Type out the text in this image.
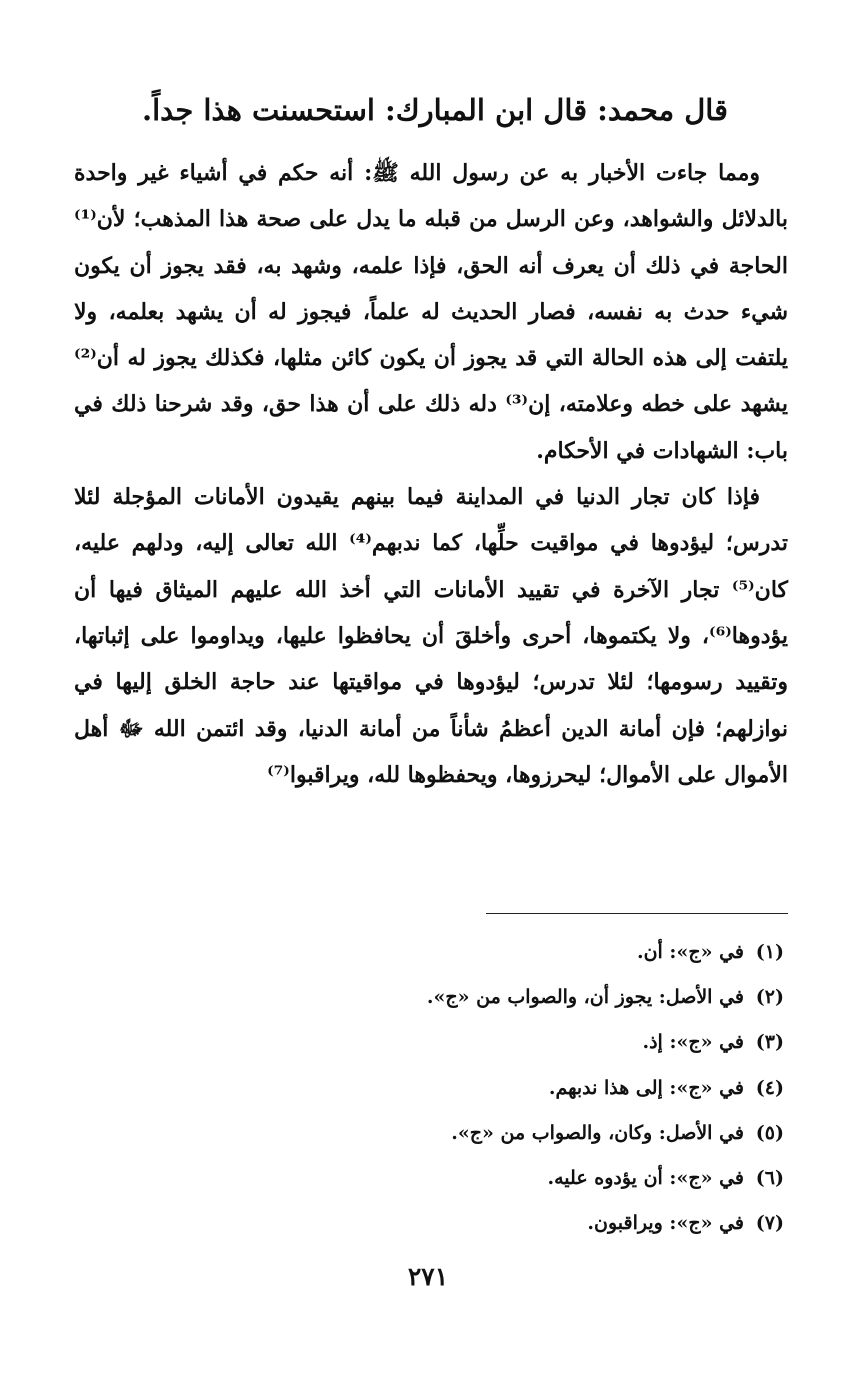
قال محمد: قال ابن المبارك: استحسنت هذا جداً.

ومما جاءت الأخبار به عن رسول الله ﷺ: أنه حكم في أشياء غير واحدة بالدلائل والشواهد، وعن الرسل من قبله ما يدل على صحة هذا المذهب؛ لأن⁽¹⁾ الحاجة في ذلك أن يعرف أنه الحق، فإذا علمه، وشهد به، فقد يجوز أن يكون شيء حدث به نفسه، فصار الحديث له علماً، فيجوز له أن يشهد بعلمه، ولا يلتفت إلى هذه الحالة التي قد يجوز أن يكون كائن مثلها، فكذلك يجوز له أن⁽²⁾ يشهد على خطه وعلامته، إن⁽³⁾ دله ذلك على أن هذا حق، وقد شرحنا ذلك في باب: الشهادات في الأحكام.

فإذا كان تجار الدنيا في المداينة فيما بينهم يقيدون الأمانات المؤجلة لئلا تدرس؛ ليؤدوها في مواقيت حلِّها، كما ندبهم⁽⁴⁾ الله تعالى إليه، ودلهم عليه، كان⁽⁵⁾ تجار الآخرة في تقييد الأمانات التي أخذ الله عليهم الميثاق فيها أن يؤدوها⁽⁶⁾، ولا يكتموها، أحرى وأخلقَ أن يحافظوا عليها، ويداوموا على إثباتها، وتقييد رسومها؛ لئلا تدرس؛ ليؤدوها في مواقيتها عند حاجة الخلق إليها في نوازلهم؛ فإن أمانة الدين أعظمُ شأناً من أمانة الدنيا، وقد ائتمن الله ﷻ أهل الأموال على الأموال؛ ليحرزوها، ويحفظوها لله، ويراقبوا⁽⁷⁾

(١)في «ج»: أن.
(٢)في الأصل: يجوز أن، والصواب من «ج».
(٣)في «ج»: إذ.
(٤)في «ج»: إلى هذا ندبهم.
(٥)في الأصل: وكان، والصواب من «ج».
(٦)في «ج»: أن يؤدوه عليه.
(٧)في «ج»: ويراقبون.
٢٧١
